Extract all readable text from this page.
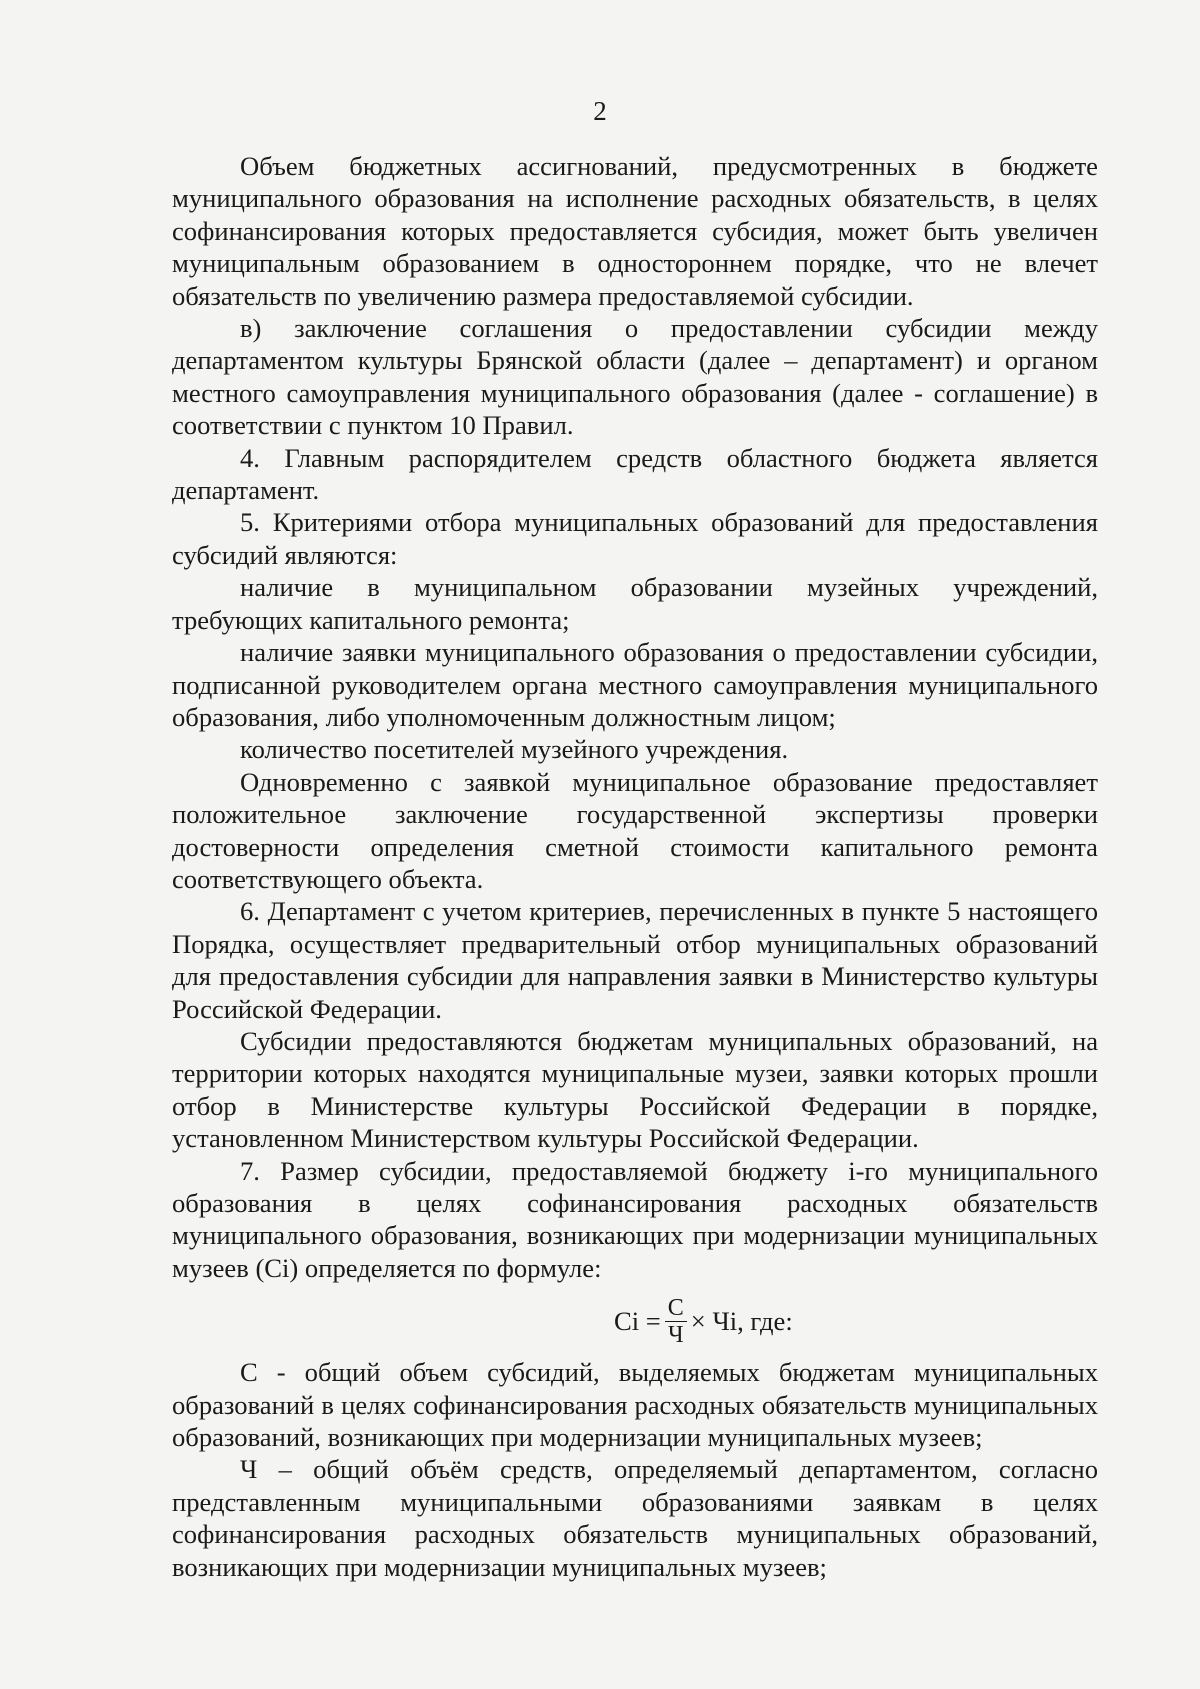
2

Объем бюджетных ассигнований, предусмотренных в бюджете муниципального образования на исполнение расходных обязательств, в целях софинансирования которых предоставляется субсидия, может быть увеличен муниципальным образованием в одностороннем порядке, что не влечет обязательств по увеличению размера предоставляемой субсидии.

в) заключение соглашения о предоставлении субсидии между департаментом культуры Брянской области (далее – департамент) и органом местного самоуправления муниципального образования (далее - соглашение) в соответствии с пунктом 10 Правил.

4. Главным распорядителем средств областного бюджета является департамент.

5. Критериями отбора муниципальных образований для предоставления субсидий являются:

наличие в муниципальном образовании музейных учреждений, требующих капитального ремонта;

наличие заявки муниципального образования о предоставлении субсидии, подписанной руководителем органа местного самоуправления муниципального образования, либо уполномоченным должностным лицом;

количество посетителей музейного учреждения.

Одновременно с заявкой муниципальное образование предоставляет положительное заключение государственной экспертизы проверки достоверности определения сметной стоимости капитального ремонта соответствующего объекта.

6. Департамент с учетом критериев, перечисленных в пункте 5 настоящего Порядка, осуществляет предварительный отбор муниципальных образований для предоставления субсидии для направления заявки в Министерство культуры Российской Федерации.

Субсидии предоставляются бюджетам муниципальных образований, на территории которых находятся муниципальные музеи, заявки которых прошли отбор в Министерстве культуры Российской Федерации в порядке, установленном Министерством культуры Российской Федерации.

7. Размер субсидии, предоставляемой бюджету i-го муниципального образования в целях софинансирования расходных обязательств муниципального образования, возникающих при модернизации муниципальных музеев (Ci) определяется по формуле:

$Ci = \frac{С}{Ч}$ × Чi, где:

С - общий объем субсидий, выделяемых бюджетам муниципальных образований в целях софинансирования расходных обязательств муниципальных образований, возникающих при модернизации муниципальных музеев;

Ч – общий объём средств, определяемый департаментом, согласно представленным муниципальными образованиями заявкам в целях софинансирования расходных обязательств муниципальных образований, возникающих при модернизации муниципальных музеев;
